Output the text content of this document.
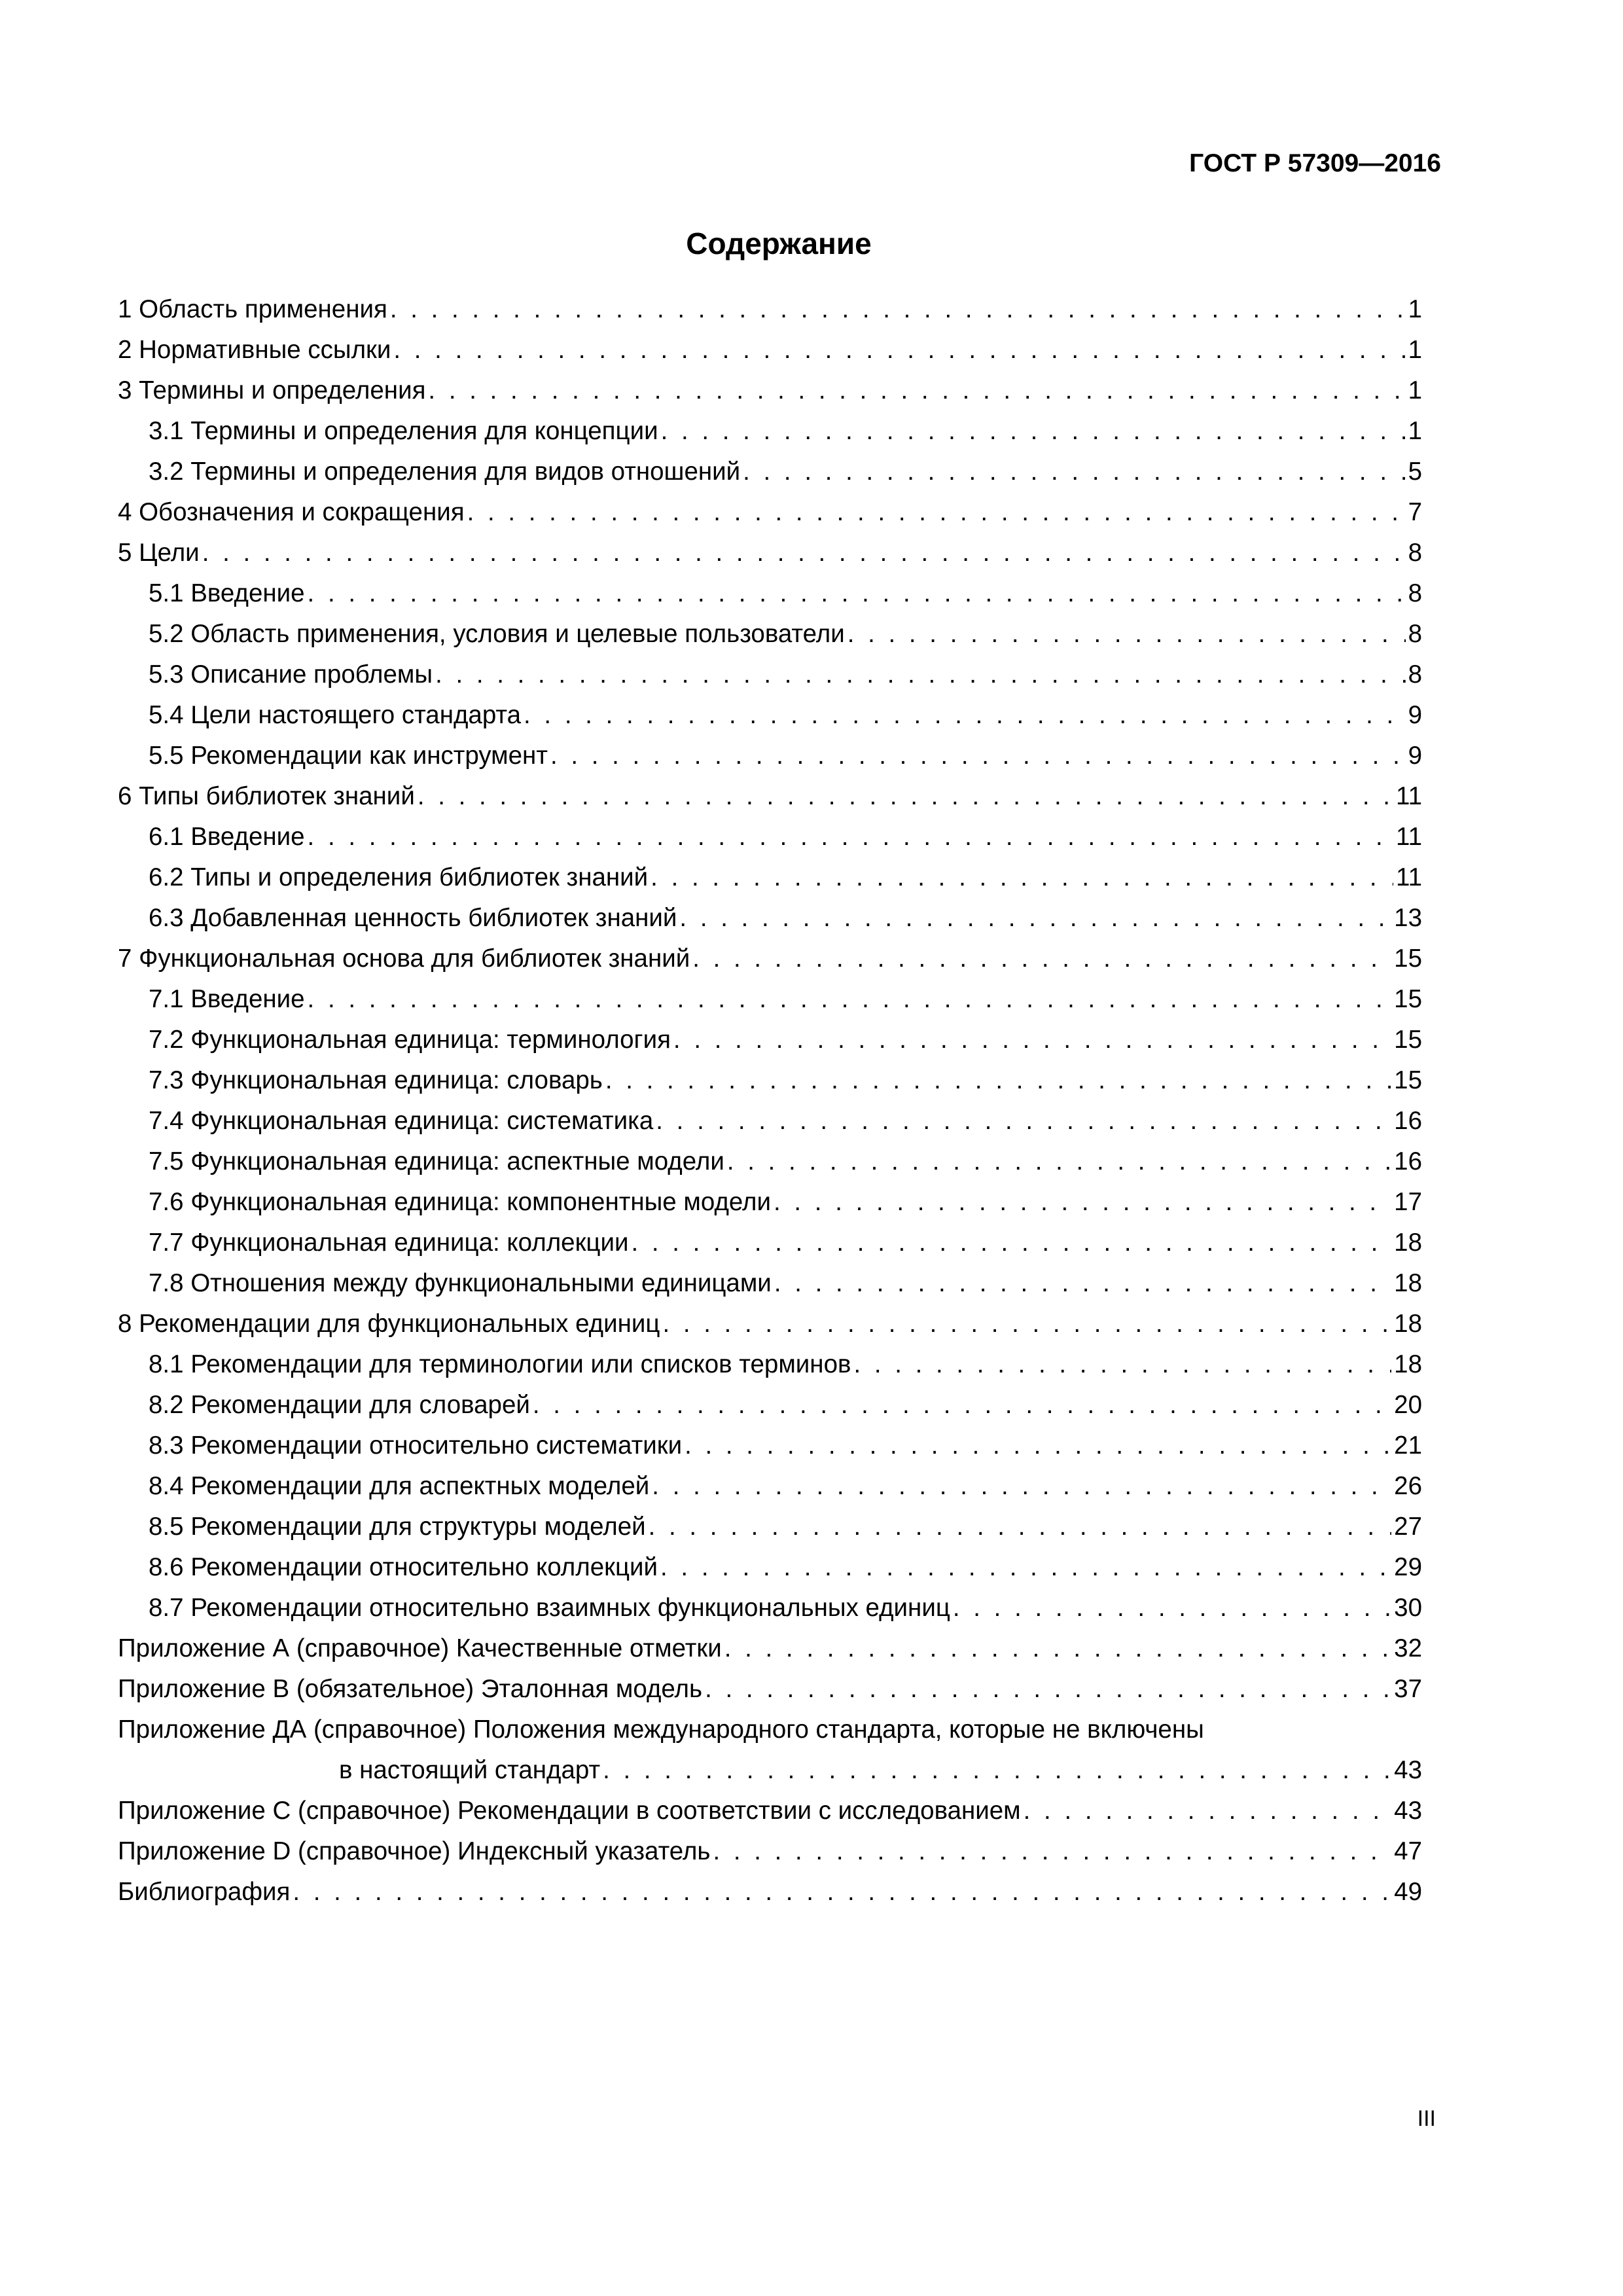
ГОСТ Р 57309—2016
Содержание
1 Область применения . . .	1
2 Нормативные ссылки . . .	1
3 Термины и определения . . .	1
3.1 Термины и определения для концепции . . .	1
3.2 Термины и определения для видов отношений . . .	5
4 Обозначения и сокращения . . .	7
5 Цели . . .	8
5.1 Введение . . .	8
5.2 Область применения, условия и целевые пользователи . . .	8
5.3 Описание проблемы . . .	8
5.4 Цели настоящего стандарта . . .	9
5.5 Рекомендации как инструмент . . .	9
6 Типы библиотек знаний . . .	11
6.1 Введение . . .	11
6.2 Типы и определения библиотек знаний . . .	11
6.3 Добавленная ценность библиотек знаний . . .	13
7 Функциональная основа для библиотек знаний . . .	15
7.1 Введение . . .	15
7.2 Функциональная единица: терминология . . .	15
7.3 Функциональная единица: словарь . . .	15
7.4 Функциональная единица: систематика . . .	16
7.5 Функциональная единица: аспектные модели . . .	16
7.6 Функциональная единица: компонентные модели . . .	17
7.7 Функциональная единица: коллекции . . .	18
7.8 Отношения между функциональными единицами . . .	18
8 Рекомендации для функциональных единиц . . .	18
8.1 Рекомендации для терминологии или списков терминов . . .	18
8.2 Рекомендации для словарей . . .	20
8.3 Рекомендации относительно систематики . . .	21
8.4 Рекомендации для аспектных моделей . . .	26
8.5 Рекомендации для структуры моделей . . .	27
8.6 Рекомендации относительно коллекций . . .	29
8.7 Рекомендации относительно взаимных функциональных единиц . . .	30
Приложение А (справочное) Качественные отметки . . .	32
Приложение В (обязательное) Эталонная модель . . .	37
Приложение ДА (справочное) Положения международного стандарта, которые не включены
в настоящий стандарт . . .	43
Приложение С (справочное) Рекомендации в соответствии с исследованием . . .	43
Приложение D (справочное) Индексный указатель . . .	47
Библиография . . .	49
III
